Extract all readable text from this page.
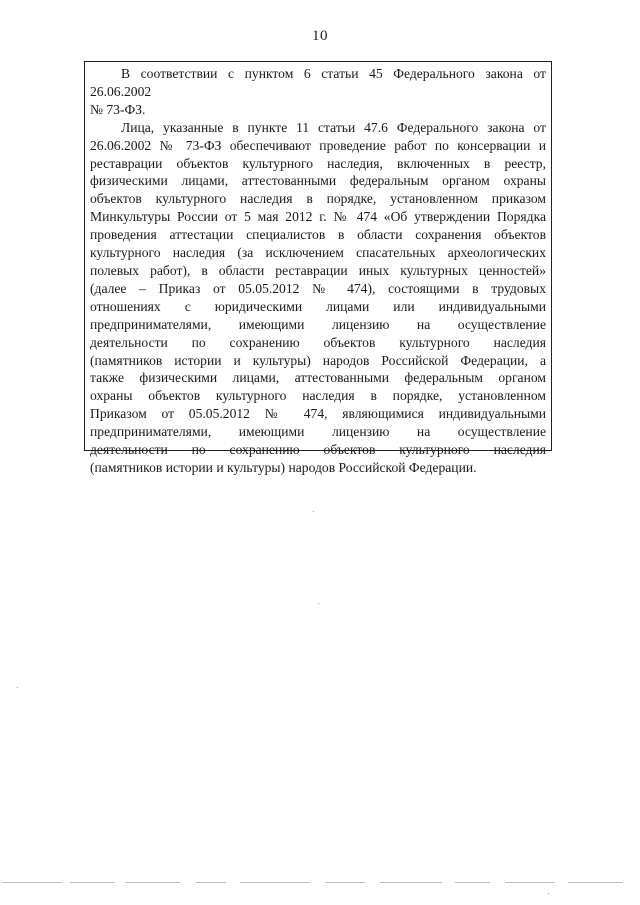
10

В соответствии с пунктом 6 статьи 45 Федерального закона от
26.06.2002
№ 73-ФЗ.

Лица, указанные в пункте 11 статьи 47.6 Федерального закона от
26.06.2002 № 73-ФЗ обеспечивают проведение работ по консервации и
реставрации объектов культурного наследия, включенных в реестр,
физическими лицами, аттестованными федеральным органом охраны
объектов культурного наследия в порядке, установленном приказом
Минкультуры России от 5 мая 2012 г. № 474 «Об утверждении Порядка
проведения аттестации специалистов в области сохранения объектов
культурного наследия (за исключением спасательных археологических
полевых работ), в области реставрации иных культурных ценностей»
(далее – Приказ от 05.05.2012 № 474), состоящими в трудовых
отношениях с юридическими лицами или индивидуальными
предпринимателями, имеющими лицензию на осуществление
деятельности по сохранению объектов культурного наследия
(памятников истории и культуры) народов Российской Федерации, а
также физическими лицами, аттестованными федеральным органом
охраны объектов культурного наследия в порядке, установленном
Приказом от 05.05.2012 № 474, являющимися индивидуальными
предпринимателями, имеющими лицензию на осуществление
деятельности по сохранению объектов культурного наследия
(памятников истории и культуры) народов Российской Федерации.
